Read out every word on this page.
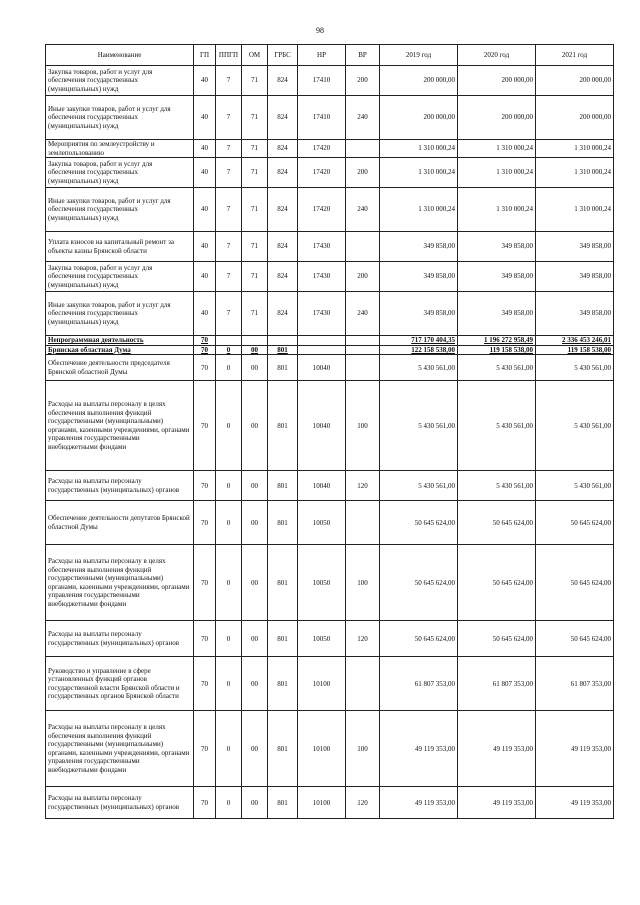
98
Наименование	ГП	ППГП	ОМ	ГРБС	НР	ВР	2019 год	2020 год	2021 год
Закупка товаров, работ и услуг для обеспечения государственных (муниципальных) нужд	40	7	71	824	17410	200	200 000,00	200 000,00	200 000,00
Иные закупки товаров, работ и услуг для обеспечения государственных (муниципальных) нужд	40	7	71	824	17410	240	200 000,00	200 000,00	200 000,00
Мероприятия по землеустройству и землепользованию	40	7	71	824	17420		1 310 000,24	1 310 000,24	1 310 000,24
Закупка товаров, работ и услуг для обеспечения государственных (муниципальных) нужд	40	7	71	824	17420	200	1 310 000,24	1 310 000,24	1 310 000,24
Иные закупки товаров, работ и услуг для обеспечения государственных (муниципальных) нужд	40	7	71	824	17420	240	1 310 000,24	1 310 000,24	1 310 000,24
Уплата взносов на капитальный ремонт за объекты казны Брянской области	40	7	71	824	17430		349 858,00	349 858,00	349 858,00
Закупка товаров, работ и услуг для обеспечения государственных (муниципальных) нужд	40	7	71	824	17430	200	349 858,00	349 858,00	349 858,00
Иные закупки товаров, работ и услуг для обеспечения государственных (муниципальных) нужд	40	7	71	824	17430	240	349 858,00	349 858,00	349 858,00
Непрограммная деятельность	70						717 170 404,35	1 196 272 958,49	2 336 453 246,01
Брянская областная Дума	70	0	00	801			122 158 538,00	119 158 538,00	119 158 538,00
Обеспечение деятельности председателя Брянской областной Думы	70	0	00	801	10040		5 430 561,00	5 430 561,00	5 430 561,00
Расходы на выплаты персоналу в целях обеспечения выполнения функций государственными (муниципальными) органами, казенными учреждениями, органами управления государственными внебюджетными фондами	70	0	00	801	10040	100	5 430 561,00	5 430 561,00	5 430 561,00
Расходы на выплаты персоналу государственных (муниципальных) органов	70	0	00	801	10040	120	5 430 561,00	5 430 561,00	5 430 561,00
Обеспечение деятельности депутатов Брянской областной Думы	70	0	00	801	10050		50 645 624,00	50 645 624,00	50 645 624,00
Расходы на выплаты персоналу в целях обеспечения выполнения функций государственными (муниципальными) органами, казенными учреждениями, органами управления государственными внебюджетными фондами	70	0	00	801	10050	100	50 645 624,00	50 645 624,00	50 645 624,00
Расходы на выплаты персоналу государственных (муниципальных) органов	70	0	00	801	10050	120	50 645 624,00	50 645 624,00	50 645 624,00
Руководство и управление в сфере установленных функций органов государственной власти Брянской области и государственных органов Брянской области	70	0	00	801	10100		61 807 353,00	61 807 353,00	61 807 353,00
Расходы на выплаты персоналу в целях обеспечения выполнения функций государственными (муниципальными) органами, казенными учреждениями, органами управления государственными внебюджетными фондами	70	0	00	801	10100	100	49 119 353,00	49 119 353,00	49 119 353,00
Расходы на выплаты персоналу государственных (муниципальных) органов	70	0	00	801	10100	120	49 119 353,00	49 119 353,00	49 119 353,00
